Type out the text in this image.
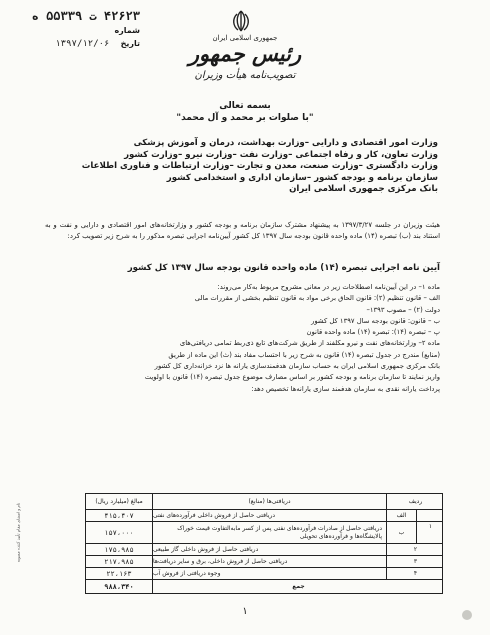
۴۲۶۲۳ ت ۵۵۳۳۹ ه
شماره
تاریخ ۱۳۹۷/۱۲/۰۶
جمهوری اسلامی ایران
رئیس جمهور
تصویب‌نامه هیأت وزیران
بسمه تعالی
"با صلوات بر محمد و آل محمد"
وزارت امور اقتصادی و دارایی –وزارت بهداشت، درمان و آموزش پزشکی
وزارت تعاون، کار و رفاه اجتماعی –وزارت نفت –وزارت نیرو –وزارت کشور
وزارت دادگستری –وزارت صنعت، معدن و تجارت –وزارت ارتباطات و فناوری اطلاعات
سازمان برنامه و بودجه کشور –سازمان اداری و استخدامی کشور
بانک مرکزی جمهوری اسلامی ایران
هیئت وزیران در جلسه ۱۳۹۷/۳/۲۷ به پیشنهاد مشترک سازمان برنامه و بودجه کشور و وزارتخانه‌های امور اقتصادی و دارایی و نفت و به استناد بند (ب) تبصره (۱۴) ماده واحده قانون بودجه سال ۱۳۹۷ کل کشور آیین‌نامه اجرایی تبصره مذکور را به شرح زیر تصویب کرد:
آیین نامه اجرایی تبصره (۱۴) ماده واحده قانون بودجه سال ۱۳۹۷ کل کشور
ماده ۱– در این آیین‌نامه اصطلاحات زیر در معانی مشروح مربوط به‌کار می‌روند:
الف – قانون تنظیم (۲): قانون الحاق برخی مواد به قانون تنظیم بخشی از مقررات مالی
دولت (۲) – مصوب ۱۳۹۳–
ب – قانون: قانون بودجه سال ۱۳۹۷ کل کشور
پ – تبصره (۱۴): تبصره (۱۴) ماده واحده قانون
ماده ۲– وزارتخانه‌های نفت و نیرو مکلفند از طریق شرکت‌های تابع ذی‌ربط تمامی دریافتی‌های
(منابع) مندرج در جدول تبصره (۱۴) قانون به شرح زیر با احتساب مفاد بند (ث) این ماده از طریق
بانک مرکزی جمهوری اسلامی ایران به حساب سازمان هدفمندسازی یارانه ها نزد خزانه‌داری کل کشور
واریز نمایند تا سازمان برنامه و بودجه کشور بر اساس مصارف موضوع جدول تبصره (۱۴) قانون با اولویت
پرداخت یارانه نقدی به سازمان هدفمند سازی یارانه‌ها تخصیص دهد:
ردیف
دریافتی‌ها (منابع)
مبالغ (میلیارد ریال)
الف
دریافتی حاصل از فروش داخلی فرآورده‌های نفتی
۴۱۵،۴۰۷
۱
ب
دریافتی حاصل از صادرات فرآورده‌های نفتی پس از کسر مابه‌التفاوت قیمت خوراک پالایشگاه‌ها و فرآورده‌های تحویلی
۱۵۷،۰۰۰
۲
دریافتی حاصل از فروش داخلی گاز طبیعی
۱۷۵،۹۸۵
۳
دریافتی حاصل از فروش داخلی، برق و سایر دریافت‌ها
۲۱۷،۹۸۵
۴
وجوه دریافتی از فروش آب
۲۲،۱۶۳
جمع
۹۸۸،۳۴۰
نام و امضای مقام تأیید کننده مصوبه
۱
